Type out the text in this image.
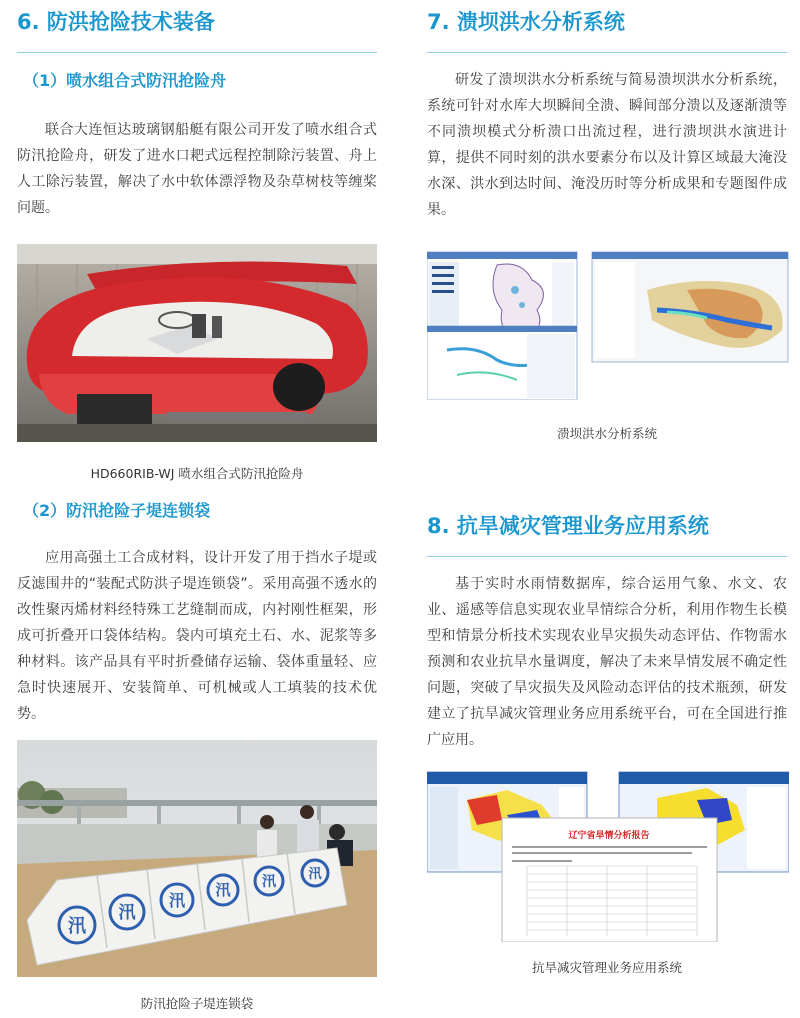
6. 防洪抢险技术装备
（1）喷水组合式防汛抢险舟

联合大连恒达玻璃钢船艇有限公司开发了喷水组合式防汛抢险舟，研发了进水口耙式远程控制除污装置、舟上人工除污装置，解决了水中软体漂浮物及杂草树枝等缠桨问题。

HD660RIB-WJ 喷水组合式防汛抢险舟

（2）防汛抢险子堤连锁袋

应用高强土工合成材料，设计开发了用于挡水子堤或反滤围井的“装配式防洪子堤连锁袋”。采用高强不透水的改性聚丙烯材料经特殊工艺缝制而成，内衬刚性框架，形成可折叠开口袋体结构。袋内可填充土石、水、泥浆等多种材料。该产品具有平时折叠储存运输、袋体重量轻、应急时快速展开、安装简单、可机械或人工填装的技术优势。

汛
汛
汛
汛 汛 汛

防汛抢险子堤连锁袋

7. 溃坝洪水分析系统

研发了溃坝洪水分析系统与简易溃坝洪水分析系统，系统可针对水库大坝瞬间全溃、瞬间部分溃以及逐渐溃等不同溃坝模式分析溃口出流过程，进行溃坝洪水演进计算，提供不同时刻的洪水要素分布以及计算区域最大淹没水深、洪水到达时间、淹没历时等分析成果和专题图件成果。

溃坝洪水分析系统

8. 抗旱减灾管理业务应用系统

基于实时水雨情数据库，综合运用气象、水文、农业、遥感等信息实现农业旱情综合分析，利用作物生长模型和情景分析技术实现农业旱灾损失动态评估、作物需水预测和农业抗旱水量调度，解决了未来旱情发展不确定性问题，突破了旱灾损失及风险动态评估的技术瓶颈，研发建立了抗旱减灾管理业务应用系统平台，可在全国进行推广应用。

辽宁省旱情分析报告

抗旱减灾管理业务应用系统
